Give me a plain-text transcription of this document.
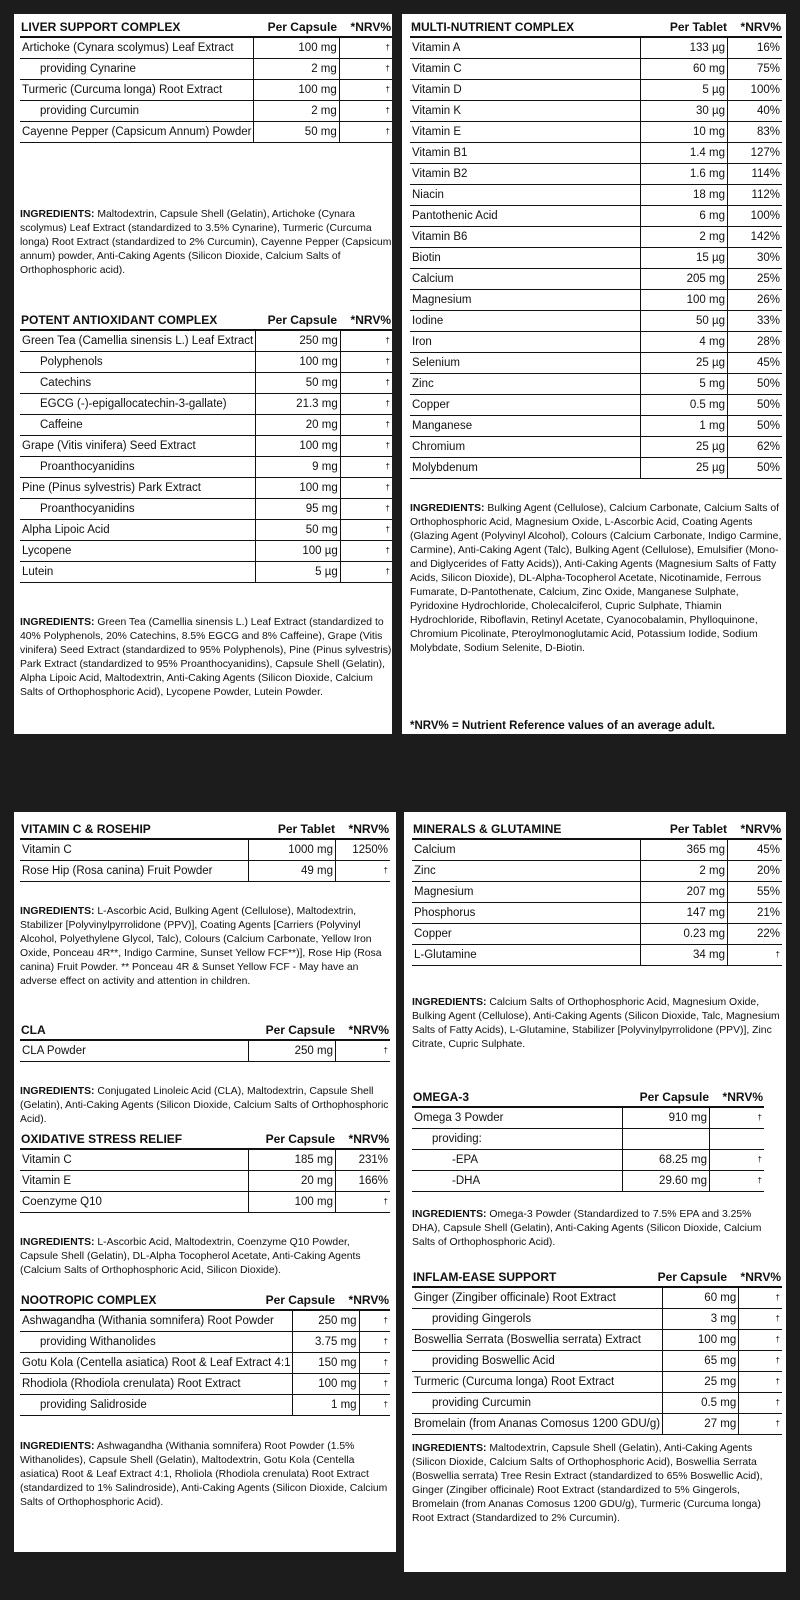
LIVER SUPPORT COMPLEX	Per Capsule	*NRV%
Artichoke (Cynara scolymus) Leaf Extract	100 mg	†
providing Cynarine	2 mg	†
Turmeric (Curcuma longa) Root Extract	100 mg	†
providing Curcumin	2 mg	†
Cayenne Pepper (Capsicum Annum) Powder	50 mg	†
INGREDIENTS: Maltodextrin, Capsule Shell (Gelatin), Artichoke (Cynara scolymus) Leaf Extract (standardized to 3.5% Cynarine), Turmeric (Curcuma longa) Root Extract (standardized to 2% Curcumin), Cayenne Pepper (Capsicum annum) powder, Anti-Caking Agents (Silicon Dioxide, Calcium Salts of Orthophosphoric acid).
POTENT ANTIOXIDANT COMPLEX	Per Capsule	*NRV%
Green Tea (Camellia sinensis L.) Leaf Extract	250 mg	†
Polyphenols	100 mg	†
Catechins	50 mg	†
EGCG (-)-epigallocatechin-3-gallate)	21.3 mg	†
Caffeine	20 mg	†
Grape (Vitis vinifera) Seed Extract	100 mg	†
Proanthocyanidins	9 mg	†
Pine (Pinus sylvestris) Park Extract	100 mg	†
Proanthocyanidins	95 mg	†
Alpha Lipoic Acid	50 mg	†
Lycopene	100 µg	†
Lutein	5 µg	†
INGREDIENTS: Green Tea (Camellia sinensis L.) Leaf Extract (standardized to 40% Polyphenols, 20% Catechins, 8.5% EGCG and 8% Caffeine), Grape (Vitis vinifera) Seed Extract (standardized to 95% Polyphenols), Pine (Pinus sylvestris) Park Extract (standardized to 95% Proanthocyanidins), Capsule Shell (Gelatin), Alpha Lipoic Acid, Maltodextrin, Anti-Caking Agents (Silicon Dioxide, Calcium Salts of Orthophosphoric Acid), Lycopene Powder, Lutein Powder.
MULTI-NUTRIENT COMPLEX	Per Tablet	*NRV%
Vitamin A	133 µg	16%
Vitamin C	60 mg	75%
Vitamin D	5 µg	100%
Vitamin K	30 µg	40%
Vitamin E	10 mg	83%
Vitamin B1	1.4 mg	127%
Vitamin B2	1.6 mg	114%
Niacin	18 mg	112%
Pantothenic Acid	6 mg	100%
Vitamin B6	2 mg	142%
Biotin	15 µg	30%
Calcium	205 mg	25%
Magnesium	100 mg	26%
Iodine	50 µg	33%
Iron	4 mg	28%
Selenium	25 µg	45%
Zinc	5 mg	50%
Copper	0.5 mg	50%
Manganese	1 mg	50%
Chromium	25 µg	62%
Molybdenum	25 µg	50%
INGREDIENTS: Bulking Agent (Cellulose), Calcium Carbonate, Calcium Salts of Orthophosphoric Acid, Magnesium Oxide, L-Ascorbic Acid, Coating Agents (Glazing Agent (Polyvinyl Alcohol), Colours (Calcium Carbonate, Indigo Carmine, Carmine), Anti-Caking Agent (Talc), Bulking Agent (Cellulose), Emulsifier (Mono-and Diglycerides of Fatty Acids)), Anti-Caking Agents (Magnesium Salts of Fatty Acids, Silicon Dioxide), DL-Alpha-Tocopherol Acetate, Nicotinamide, Ferrous Fumarate, D-Pantothenate, Calcium, Zinc Oxide, Manganese Sulphate, Pyridoxine Hydrochloride, Cholecalciferol, Cupric Sulphate, Thiamin Hydrochloride, Riboflavin, Retinyl Acetate, Cyanocobalamin, Phylloquinone, Chromium Picolinate, Pteroylmonoglutamic Acid, Potassium Iodide, Sodium Molybdate, Sodium Selenite, D-Biotin.
*NRV% = Nutrient Reference values of an average adult.
VITAMIN C & ROSEHIP	Per Tablet	*NRV%
Vitamin C	1000 mg	1250%
Rose Hip (Rosa canina) Fruit Powder	49 mg	†
INGREDIENTS: L-Ascorbic Acid, Bulking Agent (Cellulose), Maltodextrin, Stabilizer [Polyvinylpyrrolidone (PPV)], Coating Agents [Carriers (Polyvinyl Alcohol, Polyethylene Glycol, Talc), Colours (Calcium Carbonate, Yellow Iron Oxide, Ponceau 4R**, Indigo Carmine, Sunset Yellow FCF**)], Rose Hip (Rosa canina) Fruit Powder. ** Ponceau 4R & Sunset Yellow FCF - May have an adverse effect on activity and attention in children.
CLA	Per Capsule	*NRV%
CLA Powder	250 mg	†
INGREDIENTS: Conjugated Linoleic Acid (CLA), Maltodextrin, Capsule Shell (Gelatin), Anti-Caking Agents (Silicon Dioxide, Calcium Salts of Orthophosphoric Acid).
OXIDATIVE STRESS RELIEF	Per Capsule	*NRV%
Vitamin C	185 mg	231%
Vitamin E	20 mg	166%
Coenzyme Q10	100 mg	†
INGREDIENTS: L-Ascorbic Acid, Maltodextrin, Coenzyme Q10 Powder, Capsule Shell (Gelatin), DL-Alpha Tocopherol Acetate, Anti-Caking Agents (Calcium Salts of Orthophosphoric Acid, Silicon Dioxide).
NOOTROPIC COMPLEX	Per Capsule	*NRV%
Ashwagandha (Withania somnifera) Root Powder	250 mg	†
providing Withanolides	3.75 mg	†
Gotu Kola (Centella asiatica) Root & Leaf Extract 4:1	150 mg	†
Rhodiola (Rhodiola crenulata) Root Extract	100 mg	†
providing Salidroside	1 mg	†
INGREDIENTS: Ashwagandha (Withania somnifera) Root Powder (1.5% Withanolides), Capsule Shell (Gelatin), Maltodextrin, Gotu Kola (Centella asiatica) Root & Leaf Extract 4:1, Rholiola (Rhodiola crenulata) Root Extract (standardized to 1% Salindroside), Anti-Caking Agents (Silicon Dioxide, Calcium Salts of Orthophosphoric Acid).
MINERALS & GLUTAMINE	Per Tablet	*NRV%
Calcium	365 mg	45%
Zinc	2 mg	20%
Magnesium	207 mg	55%
Phosphorus	147 mg	21%
Copper	0.23 mg	22%
L-Glutamine	34 mg	†
INGREDIENTS: Calcium Salts of Orthophosphoric Acid, Magnesium Oxide, Bulking Agent (Cellulose), Anti-Caking Agents (Silicon Dioxide, Talc, Magnesium Salts of Fatty Acids), L-Glutamine, Stabilizer [Polyvinylpyrrolidone (PPV)], Zinc Citrate, Cupric Sulphate.
OMEGA-3	Per Capsule	*NRV%
Omega 3 Powder	910 mg	†
providing:		
-EPA	68.25 mg	†
-DHA	29.60 mg	†
INGREDIENTS: Omega-3 Powder (Standardized to 7.5% EPA and 3.25% DHA), Capsule Shell (Gelatin), Anti-Caking Agents (Silicon Dioxide, Calcium Salts of Orthophosphoric Acid).
INFLAM-EASE SUPPORT	Per Capsule	*NRV%
Ginger (Zingiber officinale) Root Extract	60 mg	†
providing Gingerols	3 mg	†
Boswellia Serrata (Boswellia serrata) Extract	100 mg	†
providing Boswellic Acid	65 mg	†
Turmeric (Curcuma longa) Root Extract	25 mg	†
providing Curcumin	0.5 mg	†
Bromelain (from Ananas Comosus 1200 GDU/g)	27 mg	†
INGREDIENTS: Maltodextrin, Capsule Shell (Gelatin), Anti-Caking Agents (Silicon Dioxide, Calcium Salts of Orthophosphoric Acid), Boswellia Serrata (Boswellia serrata) Tree Resin Extract (standardized to 65% Boswellic Acid), Ginger (Zingiber officinale) Root Extract (standardized to 5% Gingerols, Bromelain (from Ananas Comosus 1200 GDU/g), Turmeric (Curcuma longa) Root Extract (Standardized to 2% Curcumin).
